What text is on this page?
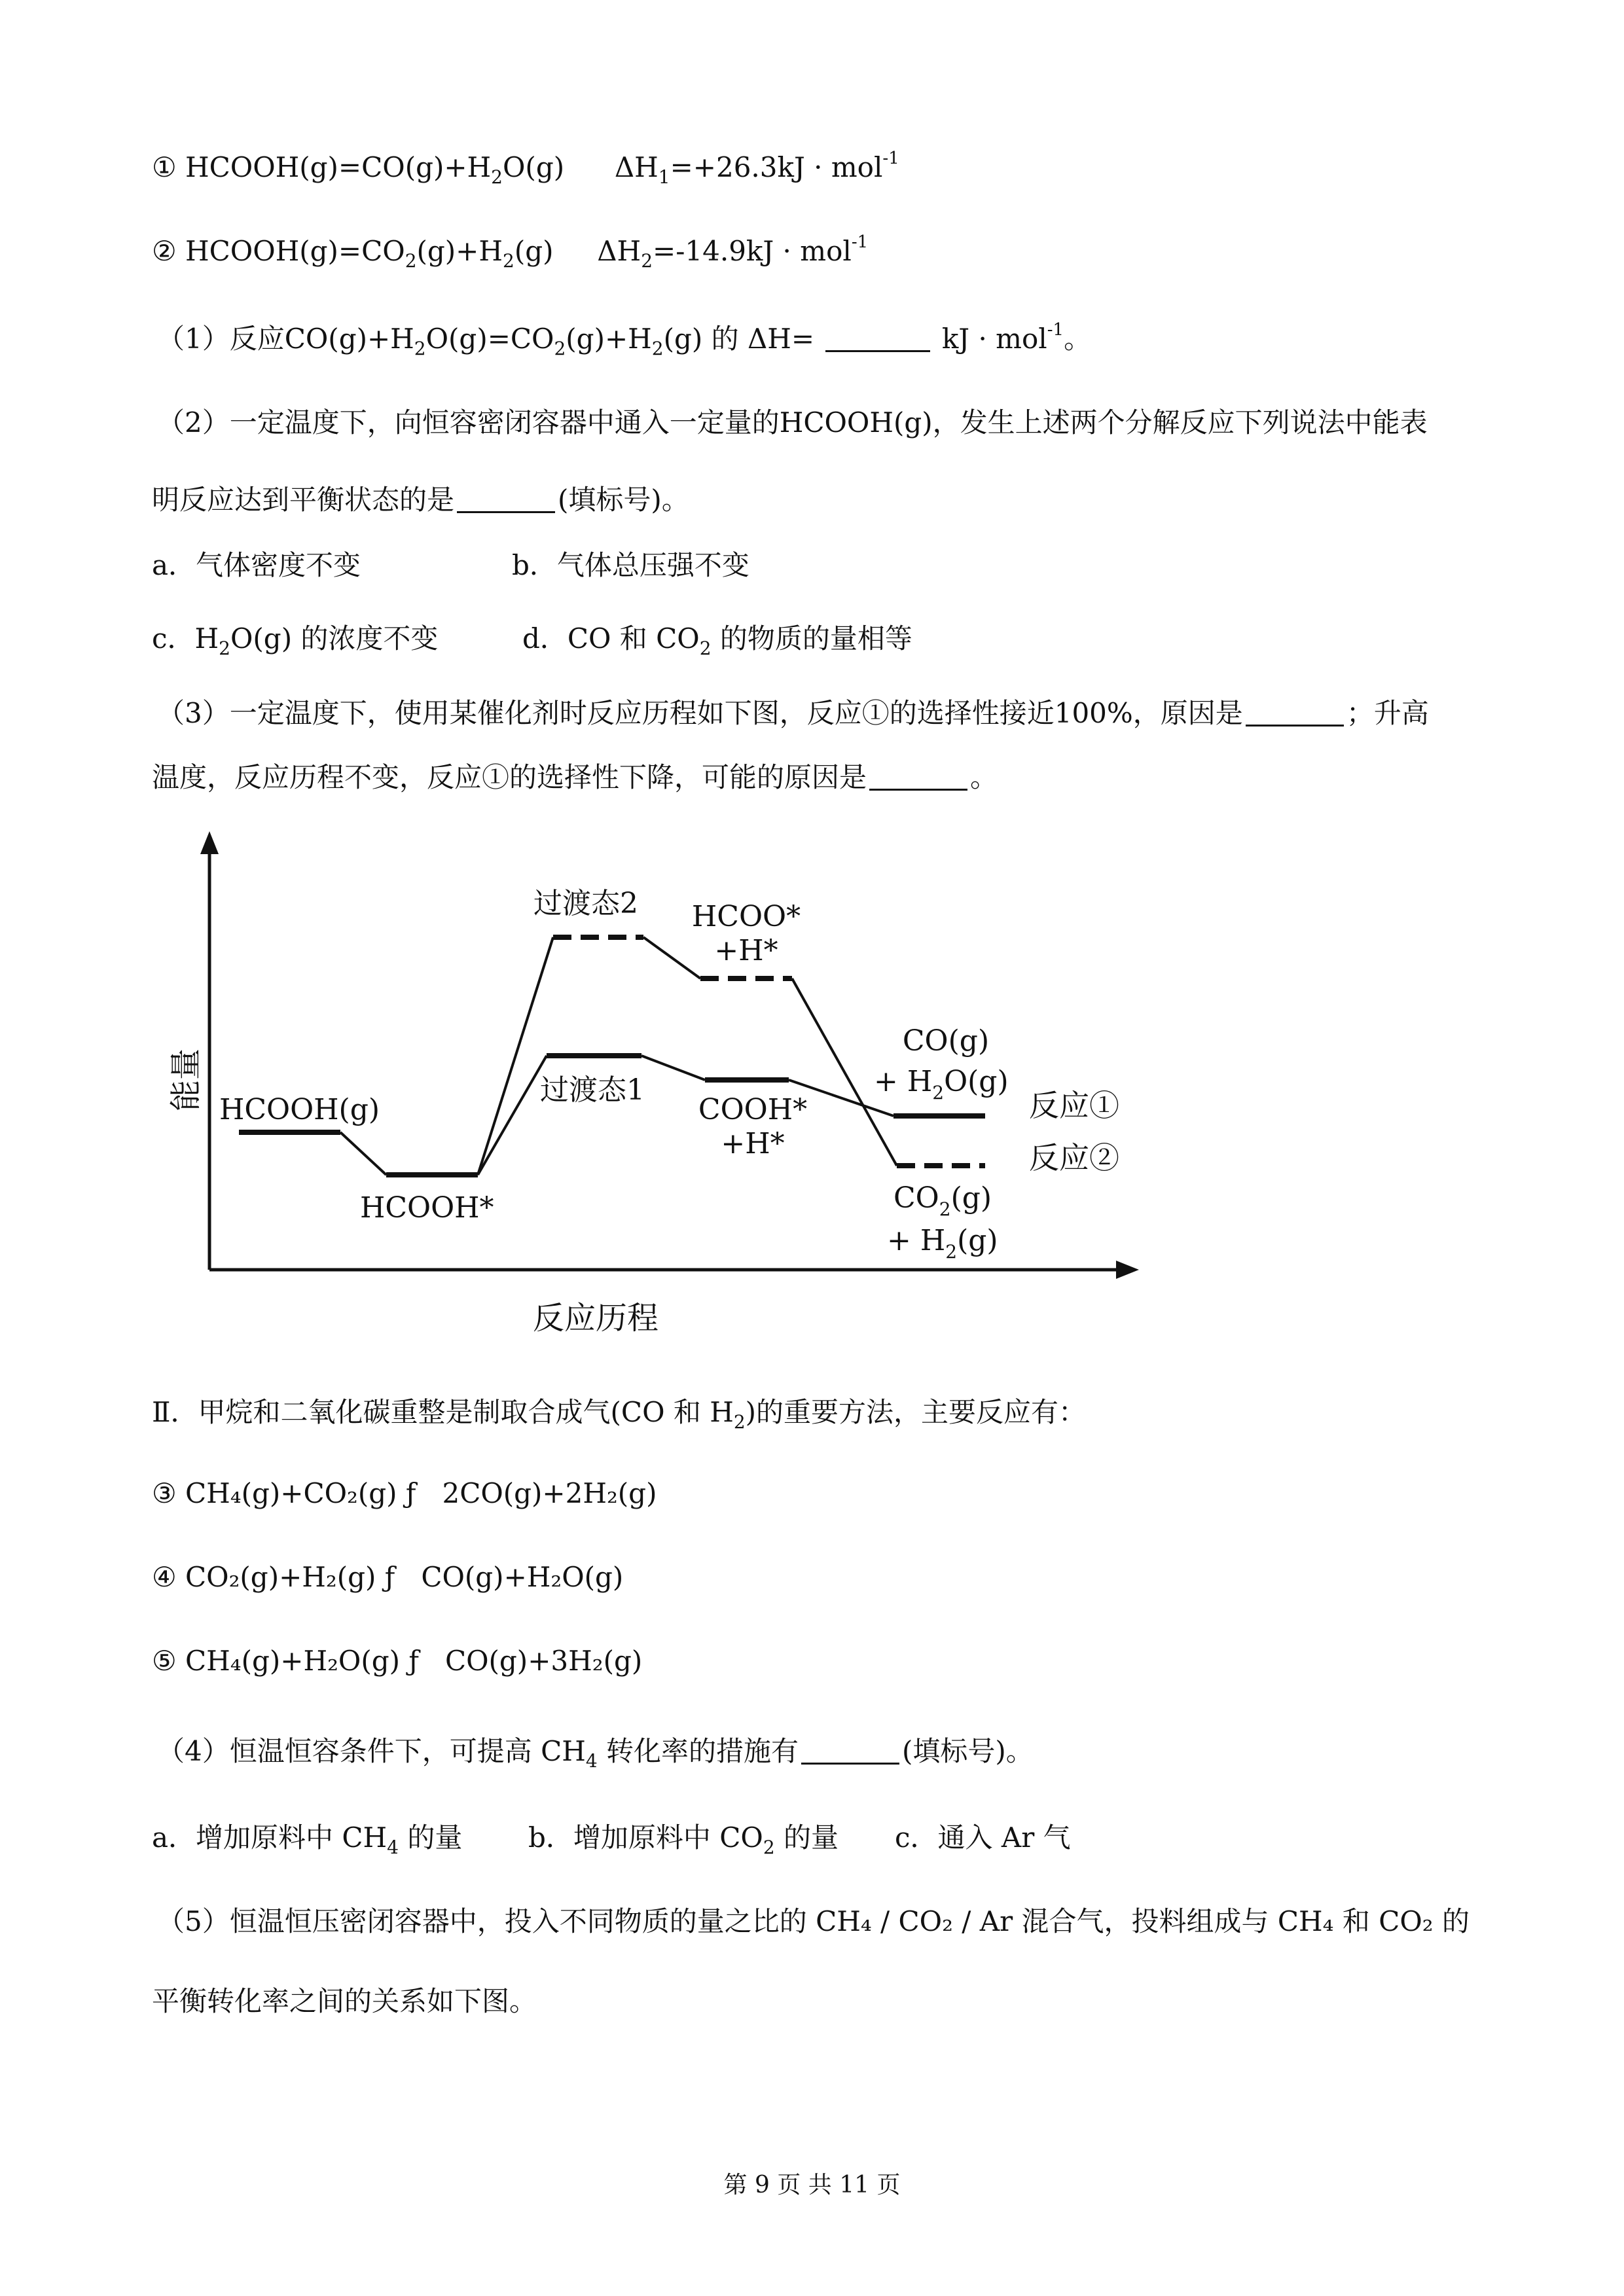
① $HCOOH(g)=CO(g)+H_2O(g) \Delta H_1=+26.3kJ \cdot mol^{-1}$
② $HCOOH(g)=CO_2(g)+H_2(g) \Delta H_2=-14.9kJ \cdot mol^{-1}$
（1）反应$CO(g)+H_2O(g)=CO_2(g)+H_2(g)$ 的 ΔH=	kJ · mol$^{-1}$。
（2）一定温度下，向恒容密闭容器中通入一定量的HCOOH(g)，发生上述两个分解反应下列说法中能表
明反应达到平衡状态的是	(填标号)。
a．气体密度不变	b．气体总压强不变
c．$H_2O(g)$ 的浓度不变	d．CO 和 $CO_2$ 的物质的量相等
（3）一定温度下，使用某催化剂时反应历程如下图，反应①的选择性接近100%，原因是	；升高
温度，反应历程不变，反应①的选择性下降，可能的原因是	。
能量
反应历程
HCOOH(g)
HCOOH*
过渡态2
过渡态1
HCOO*
+H*
COOH*
+H*
CO(g)
+ $H_2O(g)$
$CO_2(g)$
+ $H_2(g)$
反应①
反应②
Ⅱ．甲烷和二氧化碳重整是制取合成气(CO 和 $H_2$)的重要方法，主要反应有：
③ CH₄(g)+CO₂(g) ƒ   2CO(g)+2H₂(g)
④ CO₂(g)+H₂(g) ƒ   CO(g)+H₂O(g)
⑤ CH₄(g)+H₂O(g) ƒ   CO(g)+3H₂(g)
（4）恒温恒容条件下，可提高 $CH_4$ 转化率的措施有	(填标号)。
a．增加原料中 $CH_4$ 的量 b．增加原料中 $CO_2$ 的量 c．通入 Ar 气
（5）恒温恒压密闭容器中，投入不同物质的量之比的 CH₄ / CO₂ / Ar 混合气，投料组成与 CH₄ 和 CO₂ 的
平衡转化率之间的关系如下图。
第 9 页 共 11 页
